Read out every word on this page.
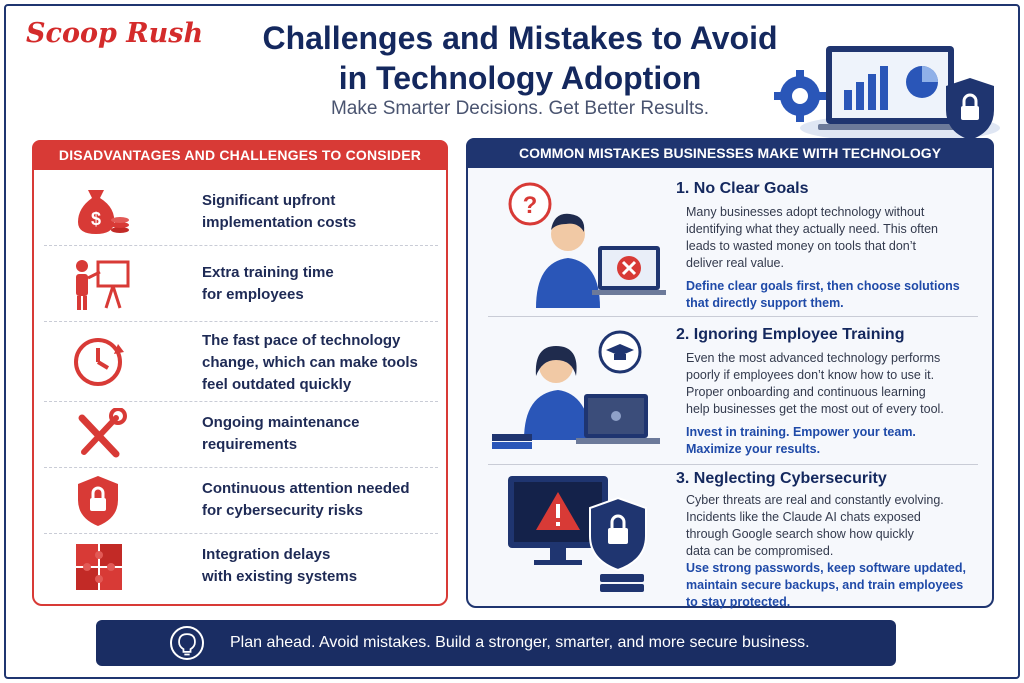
Scoop Rush	Challenges and Mistakes to Avoid
in Technology Adoption
Make Smarter Decisions. Get Better Results.
DISADVANTAGES AND CHALLENGES TO CONSIDER
$
Significant upfront
implementation costs
Extra training time
for employees
The fast pace of technology
change, which can make tools
feel outdated quickly
Ongoing maintenance
requirements
Continuous attention needed
for cybersecurity risks
Integration delays
with existing systems
COMMON MISTAKES BUSINESSES MAKE WITH TECHNOLOGY
?
1. No Clear Goals
Many businesses adopt technology without
identifying what they actually need. This often
leads to wasted money on tools that don’t
deliver real value.
Define clear goals first, then choose solutions
that directly support them.
2. Ignoring Employee Training
Even the most advanced technology performs
poorly if employees don’t know how to use it.
Proper onboarding and continuous learning
help businesses get the most out of every tool.
Invest in training. Empower your team.
Maximize your results.
3. Neglecting Cybersecurity
Cyber threats are real and constantly evolving.
Incidents like the Claude AI chats exposed
through Google search show how quickly
data can be compromised.
Use strong passwords, keep software updated,
maintain secure backups, and train employees
to stay protected.
Plan ahead. Avoid mistakes. Build a stronger, smarter, and more secure business.
